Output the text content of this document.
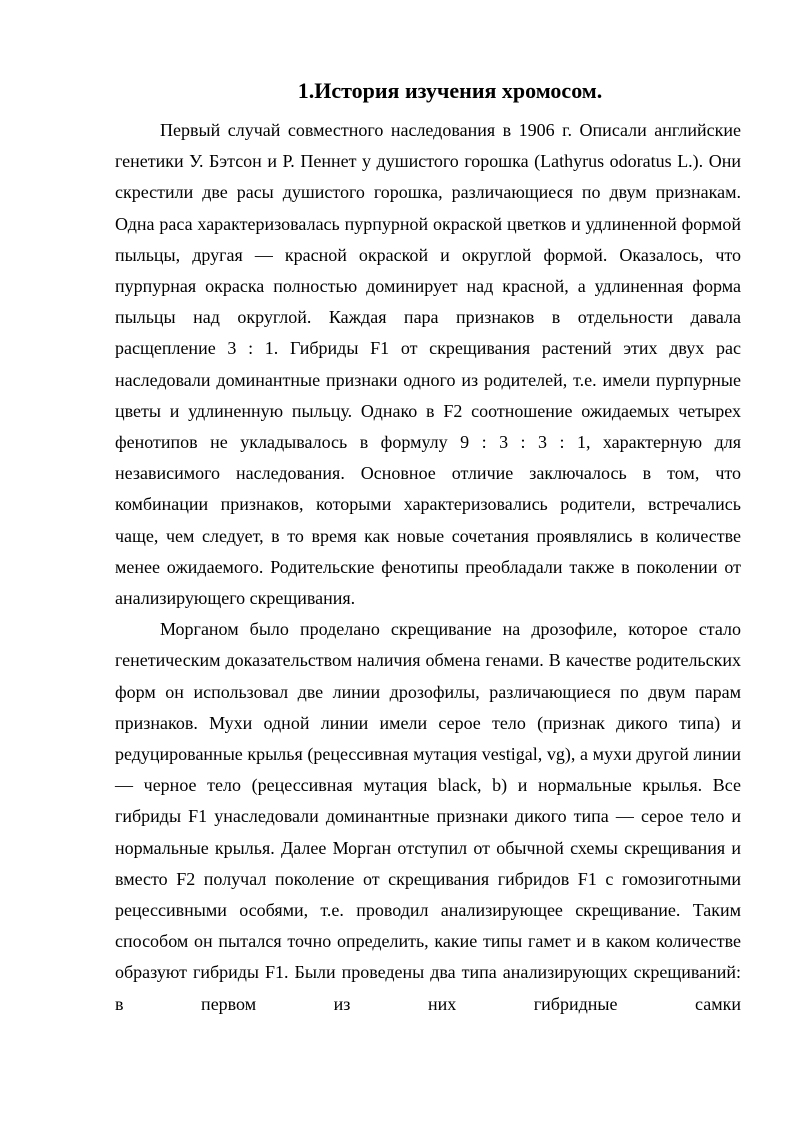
1.История изучения хромосом.

Первый случай совместного наследования в 1906 г. Описали английские генетики У. Бэтсон и Р. Пеннет у душистого горошка (Lathyrus odoratus L.). Они скрестили две расы душистого горошка, различающиеся по двум признакам. Одна раса характеризовалась пурпурной окраской цветков и удлиненной формой пыльцы, другая — красной окраской и округлой формой. Оказалось, что пурпурная окраска полностью доминирует над красной, а удлиненная форма пыльцы над округлой. Каждая пара признаков в отдельности давала расщепление 3 : 1. Гибриды F1 от скрещивания растений этих двух рас наследовали доминантные признаки одного из родителей, т.е. имели пурпурные цветы и удлиненную пыльцу. Однако в F2 соотношение ожидаемых четырех фенотипов не укладывалось в формулу 9 : 3 : 3 : 1, характерную для независимого наследования. Основное отличие заключалось в том, что комбинации признаков, которыми характеризовались родители, встречались чаще, чем следует, в то время как новые сочетания проявлялись в количестве менее ожидаемого. Родительские фенотипы преобладали также в поколении от анализирующего скрещивания.

Морганом было проделано скрещивание на дрозофиле, которое стало генетическим доказательством наличия обмена генами. В качестве родительских форм он использовал две линии дрозофилы, различающиеся по двум парам признаков. Мухи одной линии имели серое тело (признак дикого типа) и редуцированные крылья (рецессивная мутация vestigal, vg), а мухи другой линии — черное тело (рецессивная мутация black, b) и нормальные крылья. Все гибриды F1 унаследовали доминантные признаки дикого типа — серое тело и нормальные крылья. Далее Морган отступил от обычной схемы скрещивания и вместо F2 получал поколение от скрещивания гибридов F1 с гомозиготными рецессивными особями, т.е. проводил анализирующее скрещивание. Таким способом он пытался точно определить, какие типы гамет и в каком количестве образуют гибриды F1. Были проведены два типа анализирующих скрещиваний: в первом из них гибридные самки
